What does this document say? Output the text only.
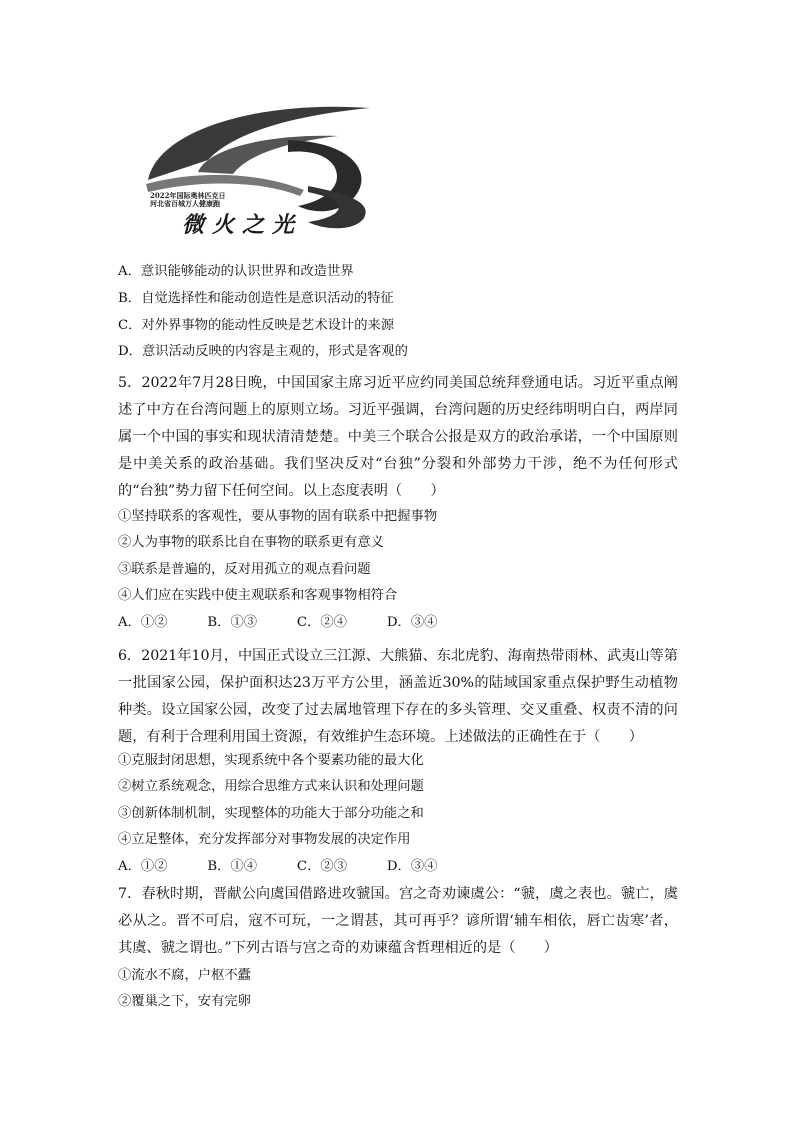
2022年国际奥林匹克日
河北省百城万人健康跑
微火之光
A．意识能够能动的认识世界和改造世界
B．自觉选择性和能动创造性是意识活动的特征
C．对外界事物的能动性反映是艺术设计的来源
D．意识活动反映的内容是主观的，形式是客观的
5．2022年7月28日晚，中国国家主席习近平应约同美国总统拜登通电话。习近平重点阐述了中方在台湾问题上的原则立场。习近平强调，台湾问题的历史经纬明明白白，两岸同属一个中国的事实和现状清清楚楚。中美三个联合公报是双方的政治承诺，一个中国原则是中美关系的政治基础。我们坚决反对“台独”分裂和外部势力干涉，绝不为任何形式的“台独”势力留下任何空间。以上态度表明（　　）
①坚持联系的客观性，要从事物的固有联系中把握事物
②人为事物的联系比自在事物的联系更有意义
③联系是普遍的，反对用孤立的观点看问题
④人们应在实践中使主观联系和客观事物相符合
A．①②　　　B．①③　　　C．②④　　　D．③④
6．2021年10月，中国正式设立三江源、大熊猫、东北虎豹、海南热带雨林、武夷山等第一批国家公园，保护面积达23万平方公里，涵盖近30%的陆域国家重点保护野生动植物种类。设立国家公园，改变了过去属地管理下存在的多头管理、交叉重叠、权责不清的问题，有利于合理利用国土资源，有效维护生态环境。上述做法的正确性在于（　　）
①克服封闭思想，实现系统中各个要素功能的最大化
②树立系统观念，用综合思维方式来认识和处理问题
③创新体制机制，实现整体的功能大于部分功能之和
④立足整体，充分发挥部分对事物发展的决定作用
A．①②　　　B．①④　　　C．②③　　　D．③④
7．春秋时期，晋献公向虞国借路进攻虢国。宫之奇劝谏虞公：“虢，虞之表也。虢亡，虞必从之。晋不可启，寇不可玩，一之谓甚，其可再乎？谚所谓‘辅车相依，唇亡齿寒’者，其虞、虢之谓也。”下列古语与宫之奇的劝谏蕴含哲理相近的是（　　）
①流水不腐，户枢不蠹
②覆巢之下，安有完卵
